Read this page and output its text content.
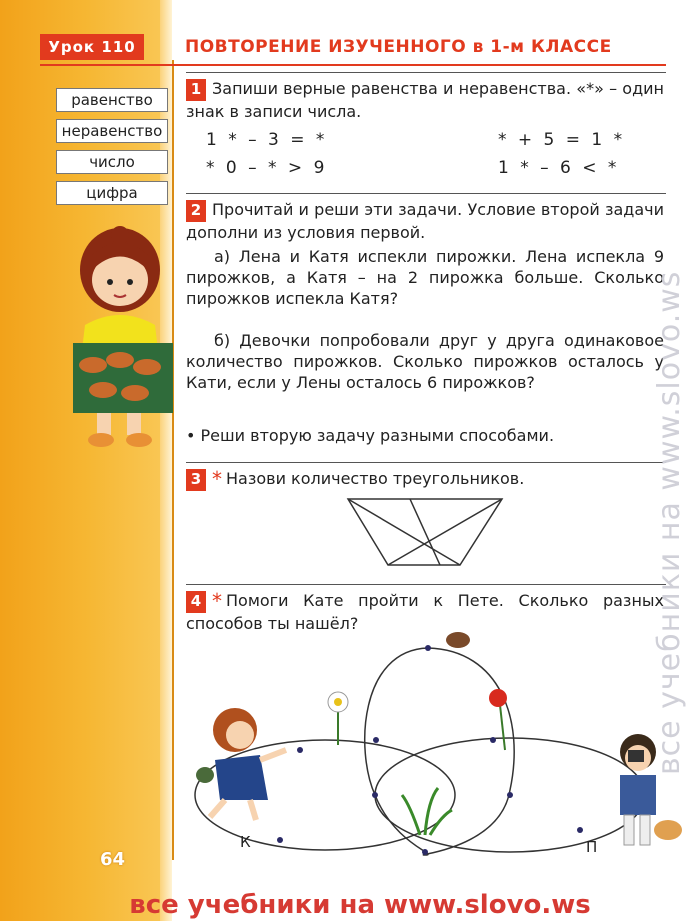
Урок 110	ПОВТОРЕНИЕ ИЗУЧЕННОГО в 1-м КЛАССЕ
равенство
неравенство
число
цифра
1 Запиши верные равенства и неравенства. «*» – один знак в записи числа.
1 * – 3 = *	* + 5 = 1 *
* 0 – * > 9	1 * – 6 < *
2 Прочитай и реши эти задачи. Условие второй задачи дополни из условия первой.
а) Лена и Катя испекли пирожки. Лена испекла 9 пирожков, а Катя – на 2 пирожка больше. Сколько пирожков испекла Катя?
б) Девочки попробовали друг у друга одинаковое количество пирожков. Сколько пирожков осталось у Кати, если у Лены осталось 6 пирожков?
• Реши вторую задачу разными способами.
3 * Назови количество треугольников.
4 * Помоги Кате пройти к Пете. Сколько разных способов ты нашёл?
К	П
64
все учебники на www.slovo.ws
все учебники на www.slovo.ws
